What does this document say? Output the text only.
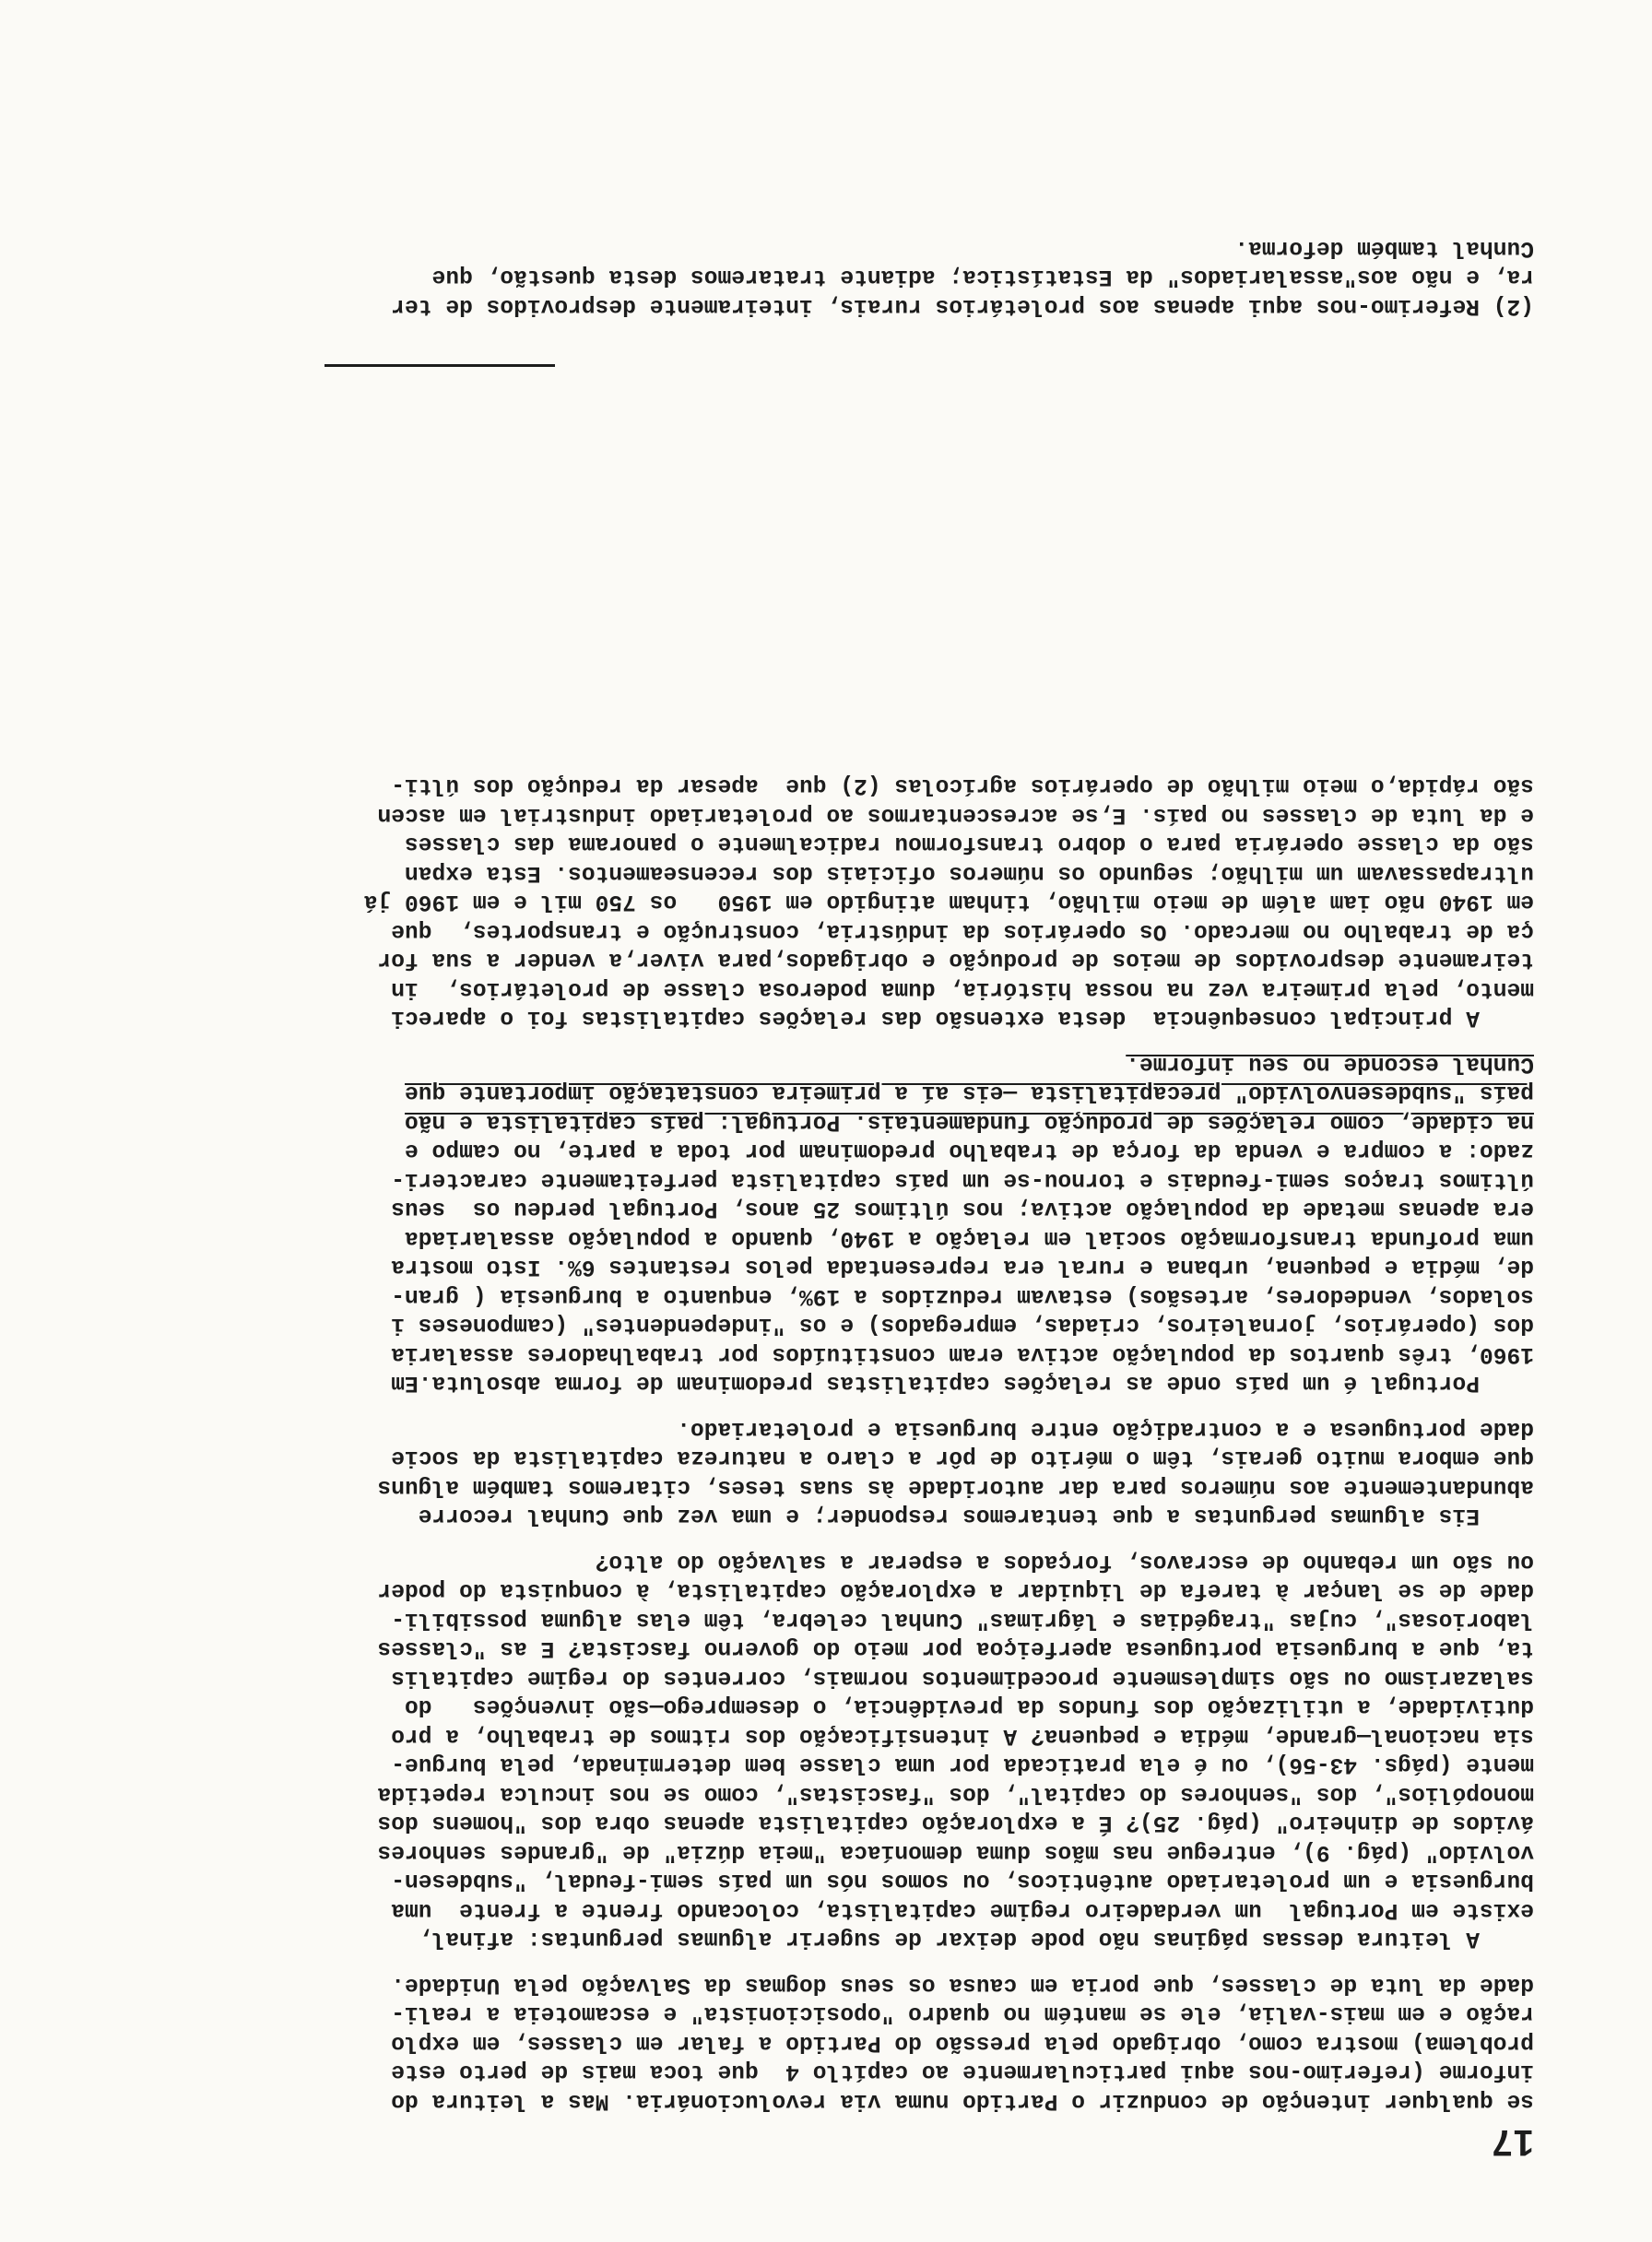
17
se qualquer intenção de conduzir o Partido numa via revolucionária. Mas a leitura do
informe (referimo-nos aqui particularmente ao capítlo 4  que toca mais de perto este
problema) mostra como, obrigado pela pressão do Partido a falar em classes, em explo
ração e em mais-valia, ele se mantém no quadro "oposicionista" e escamoteia a reali-
dade da luta de classes, que poria em causa os seus dogmas da Salvação pela Unidade.
A leitura dessas páginas não pode deixar de sugerir algumas perguntas: afinal,
existe em Portugal  um verdadeiro regime capitalista, colocando frente a frente  uma
burguesia e um proletariado autênticos, ou somos nós um país semi-feudal, "subdesen-
volvido" (pág. 9), entregue nas mãos duma demoníaca "meia dúzia" de "grandes senhores
ávidos de dinheiro" (pág. 25)? É a exploração capitalista apenas obra dos "homens dos
monopólios", dos "senhores do capital", dos "fascistas", como se nos inculca repetida
mente (págs. 43-56), ou é ela praticada por uma classe bem determinada, pela burgue-
sia nacional—grande, média e pequena? A intensificação dos ritmos de trabalho, a pro
dutividade, a utilização dos fundos da previdência, o desemprego—são invenções   do
salazarismo ou são simplesmente procedimentos normais, correntes do regime capitalis
ta, que a burguesia portuguesa aperfeiçoa por meio do governo fascista? E as "classes
laboriosas", cujas "tragédias e lágrimas" Cunhal celebra, têm elas alguma possibili-
dade de se lançar à tarefa de liquidar a exploração capitalista, à conquista do poder
ou são um rebanho de escravos, forçados a esperar a salvação do alto?
Eis algumas perguntas a que tentaremos responder; e uma vez que Cunhal recorre
abundantemente aos números para dar autoridade às suas teses, citaremos também alguns
que embora muito gerais, têm o mérito de pôr a claro a natureza capitalista da socie
dade portuguesa e a contradição entre burguesia e proletariado.
Portugal é um país onde as relações capitalistas predominam de forma absoluta.Em
1960, três quartos da população activa eram constituídos por trabalhadores assalaria
dos (operários, jornaleiros, criadas, empregados) e os "independentes" (camponeses i
solados, vendedores, artesãos) estavam reduzidos a 19%, enquanto a burguesia ( gran-
de, média e pequena, urbana e rural era representada pelos restantes 6%. Isto mostra
uma profunda transformação social em relação a 1940, quando a população assalariada
era apenas metade da população activa; nos últimos 25 anos, Portugal perdeu os  seus
últimos traços semi-feudais e tornou-se um país capitalista perfeitamente caracteri-
zado: a compra e venda da força de trabalho predominam por toda a parte, no campo e
na cidade, como relações de produção fundamentais. Portugal: país capitalista e não
país "subdesenvolvido" precapitalista —eis aí a primeira constatação importante que
Cunhal esconde no seu informe.
A principal consequência  desta extensão das relações capitalistas foi o apareci
mento, pela primeira vez na nossa história, duma poderosa classe de proletários,  in
teiramente desprovidos de meios de produção e obrigados,para viver,a vender a sua for
ça de trabalho no mercado. Os operários da indústria, construção e transportes,  que
em 1940 não iam além de meio milhão, tinham atingido em 1950   os 750 mil e em 1960 já
ultrapassavam um milhão; segundo os números oficiais dos recenseamentos. Esta expan
são da classe operária para o dobro transformou radicalmente o panorama das classes
e da luta de classes no país. E,se acrescentarmos ao proletariado industrial em ascen
são rápida,o meio milhão de operários agrícolas (2) que  apesar da redução dos últi-
(2) Referimo-nos aqui apenas aos proletários rurais, inteiramente desprovidos de ter
ra, e não aos"assalariados" da Estatística; adiante trataremos desta questão, que
Cunhal também deforma.
